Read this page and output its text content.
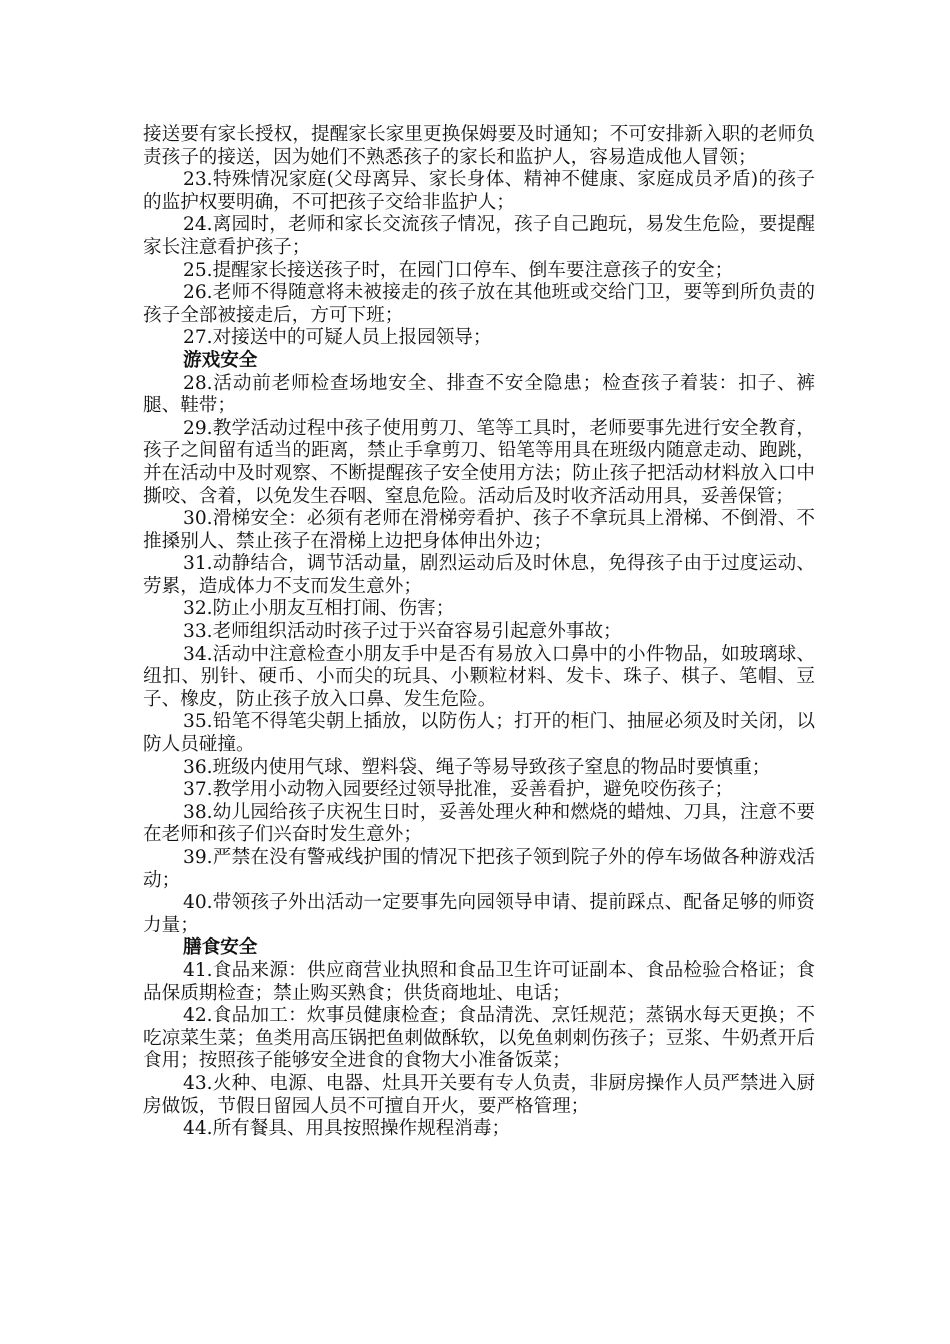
接送要有家长授权，提醒家长家里更换保姆要及时通知；不可安排新入职的老师负责孩子的接送，因为她们不熟悉孩子的家长和监护人，容易造成他人冒领；

23.特殊情况家庭(父母离异、家长身体、精神不健康、家庭成员矛盾)的孩子的监护权要明确，不可把孩子交给非监护人；

24.离园时，老师和家长交流孩子情况，孩子自己跑玩，易发生危险，要提醒家长注意看护孩子；

25.提醒家长接送孩子时，在园门口停车、倒车要注意孩子的安全；

26.老师不得随意将未被接走的孩子放在其他班或交给门卫，要等到所负责的孩子全部被接走后，方可下班；

27.对接送中的可疑人员上报园领导；

游戏安全

28.活动前老师检查场地安全、排查不安全隐患；检查孩子着装：扣子、裤腿、鞋带；

29.教学活动过程中孩子使用剪刀、笔等工具时，老师要事先进行安全教育，孩子之间留有适当的距离，禁止手拿剪刀、铅笔等用具在班级内随意走动、跑跳，并在活动中及时观察、不断提醒孩子安全使用方法；防止孩子把活动材料放入口中撕咬、含着，以免发生吞咽、窒息危险。活动后及时收齐活动用具，妥善保管；

30.滑梯安全：必须有老师在滑梯旁看护、孩子不拿玩具上滑梯、不倒滑、不推搡别人、禁止孩子在滑梯上边把身体伸出外边；

31.动静结合，调节活动量，剧烈运动后及时休息，免得孩子由于过度运动、劳累，造成体力不支而发生意外；

32.防止小朋友互相打闹、伤害；

33.老师组织活动时孩子过于兴奋容易引起意外事故；

34.活动中注意检查小朋友手中是否有易放入口鼻中的小件物品，如玻璃球、纽扣、别针、硬币、小而尖的玩具、小颗粒材料、发卡、珠子、棋子、笔帽、豆子、橡皮，防止孩子放入口鼻、发生危险。

35.铅笔不得笔尖朝上插放，以防伤人；打开的柜门、抽屉必须及时关闭，以防人员碰撞。

36.班级内使用气球、塑料袋、绳子等易导致孩子窒息的物品时要慎重；

37.教学用小动物入园要经过领导批准，妥善看护，避免咬伤孩子；

38.幼儿园给孩子庆祝生日时，妥善处理火种和燃烧的蜡烛、刀具，注意不要在老师和孩子们兴奋时发生意外；

39.严禁在没有警戒线护围的情况下把孩子领到院子外的停车场做各种游戏活动；

40.带领孩子外出活动一定要事先向园领导申请、提前踩点、配备足够的师资力量；

膳食安全

41.食品来源：供应商营业执照和食品卫生许可证副本、食品检验合格证；食品保质期检查；禁止购买熟食；供货商地址、电话；

42.食品加工：炊事员健康检查；食品清洗、烹饪规范；蒸锅水每天更换；不吃凉菜生菜；鱼类用高压锅把鱼刺做酥软，以免鱼刺刺伤孩子；豆浆、牛奶煮开后食用；按照孩子能够安全进食的食物大小准备饭菜；

43.火种、电源、电器、灶具开关要有专人负责，非厨房操作人员严禁进入厨房做饭，节假日留园人员不可擅自开火，要严格管理；

44.所有餐具、用具按照操作规程消毒；
